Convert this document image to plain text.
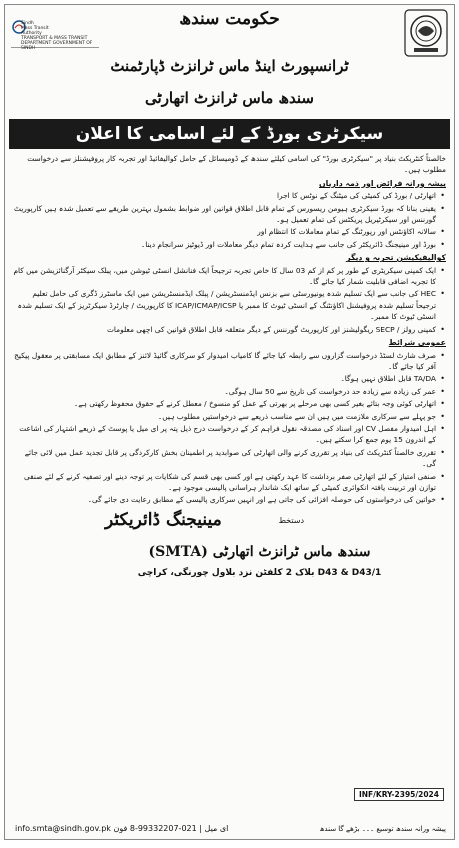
Sindh
Mass Transit
Authority
TRANSPORT & MASS TRANSIT DEPARTMENT GOVERNMENT OF SINDH
حکومت سندھ
ٹرانسپورٹ اینڈ ماس ٹرانزٹ ڈپارٹمنٹ
سندھ ماس ٹرانزٹ اتھارٹی
سیکرٹری بورڈ کے لئے اسامی کا اعلان

خالصتاً کنٹریکٹ بنیاد پر "سیکرٹری بورڈ" کی اسامی کیلئے سندھ کے ڈومیسائل کے حامل کوالیفائیڈ اور تجربہ کار پروفیشنلز سے درخواست مطلوب ہیں۔

پیشہ ورانہ فرائض اور ذمہ داریاں
• اتھارٹی / بورڈ کی کمیٹی کی میٹنگ کے نوٹس کا اجرا
• یقینی بنانا کہ بورڈ سیکرٹری ہیومن ریسورس کے تمام قابل اطلاق قوانین اور ضوابط بشمول بہترین طریقے سے تعمیل شدہ ہیں کارپوریٹ گورننس اور سیکرٹیریل پریکٹس کی تمام تعمیل ہو۔
• سالانہ اکاؤنٹس اور رپورٹنگ کے تمام معاملات کا انتظام اور
• بورڈ اور مینیجنگ ڈائریکٹر کی جانب سے ہدایت کردہ تمام دیگر معاملات اور ڈیوٹیز سرانجام دینا۔
کوالیفیکیشن تجربہ و دیگر
• ایک کمپنی سیکریٹری کے طور پر کم از کم 03 سال کا خاص تجربہ ترجیحاً ایک فنانشل انسٹی ٹیوشن میں، پبلک سیکٹر آرگنائزیشن میں کام کا تجربہ اضافی قابلیت شمار کیا جائے گا۔
• HEC کی جانب سے ایک تسلیم شدہ یونیورسٹی سے بزنس ایڈمنسٹریشن / پبلک ایڈمنسٹریشن میں ایک ماسٹرز ڈگری کی حامل تعلیم ترجیحاً تسلیم شدہ پروفیشنل اکاؤنٹنگ کے انسٹی ٹیوٹ کا ممبر یا ICAP/ICMAP/ICSP کا کارپوریٹ / چارٹرڈ سیکرٹریز کے ایک تسلیم شدہ انسٹی ٹیوٹ کا ممبر۔
• کمپنی رولز / SECP ریگولیشنز اور کارپوریٹ گورننس کے دیگر متعلقہ قابل اطلاق قوانین کی اچھی معلومات
عمومی شرائط
• صرف شارٹ لسٹڈ درخواست گزاروں سے رابطہ کیا جائے گا کامیاب امیدوار کو سرکاری گائیڈ لائنز کے مطابق ایک مسابقتی پر معقول پیکیج آفر کیا جائے گا۔
• TA/DA قابل اطلاق نہیں ہوگا۔
• عمر کی زیادہ سے زیادہ حد درخواست کی تاریخ سے 50 سال ہوگی۔
• اتھارٹی کوئی وجہ بتائے بغیر کسی بھی مرحلے پر بھرتی کے عمل کو منسوخ / معطل کرنے کے حقوق محفوظ رکھتی ہے۔
• جو پہلے سے سرکاری ملازمت میں ہیں ان سے مناسب ذریعے سے درخواستیں مطلوب ہیں۔
• اہل امیدوار مفصل CV اور اسناد کی مصدقہ نقول فراہم کر کے درخواست درج ذیل پتہ پر ای میل یا پوسٹ کے ذریعے اشتہار کی اشاعت کے اندرون 15 یوم جمع کرا سکتے ہیں۔
• تقرری خالصتاً کنٹریکٹ کی بنیاد پر تقرری کرنے والی اتھارٹی کی صوابدید پر اطمینان بخش کارکردگی پر قابل تجدید عمل میں لائی جائے گی۔
• صنفی امتیاز کے لئے اتھارٹی صفر برداشت کا عہد رکھتی ہے اور کسی بھی قسم کی شکایات پر توجہ دینے اور تصفیہ کرنے کے لئے صنفی توازن اور تربیت یافتہ انکوائری کمیٹی کے ساتھ ایک شاندار ہراسانی پالیسی موجود ہے۔
• خواتین کی درخواستوں کی حوصلہ افزائی کی جاتی ہے اور انہیں سرکاری پالیسی کے مطابق رعایت دی جائے گی۔
دستخط
مینیجنگ ڈائریکٹر
سندھ ماس ٹرانزٹ اتھارٹی (SMTA)
D43 & D43/1 بلاک 2 کلفٹن نزد بلاول چورنگی، کراچی
INF/KRY-2395/2024
info.smta@sindh.gov.pk	ای میل | 021-99332207-8 فون	پیشہ ورانہ سندھ توسیع ۔۔۔ بڑھے گا سندھ
